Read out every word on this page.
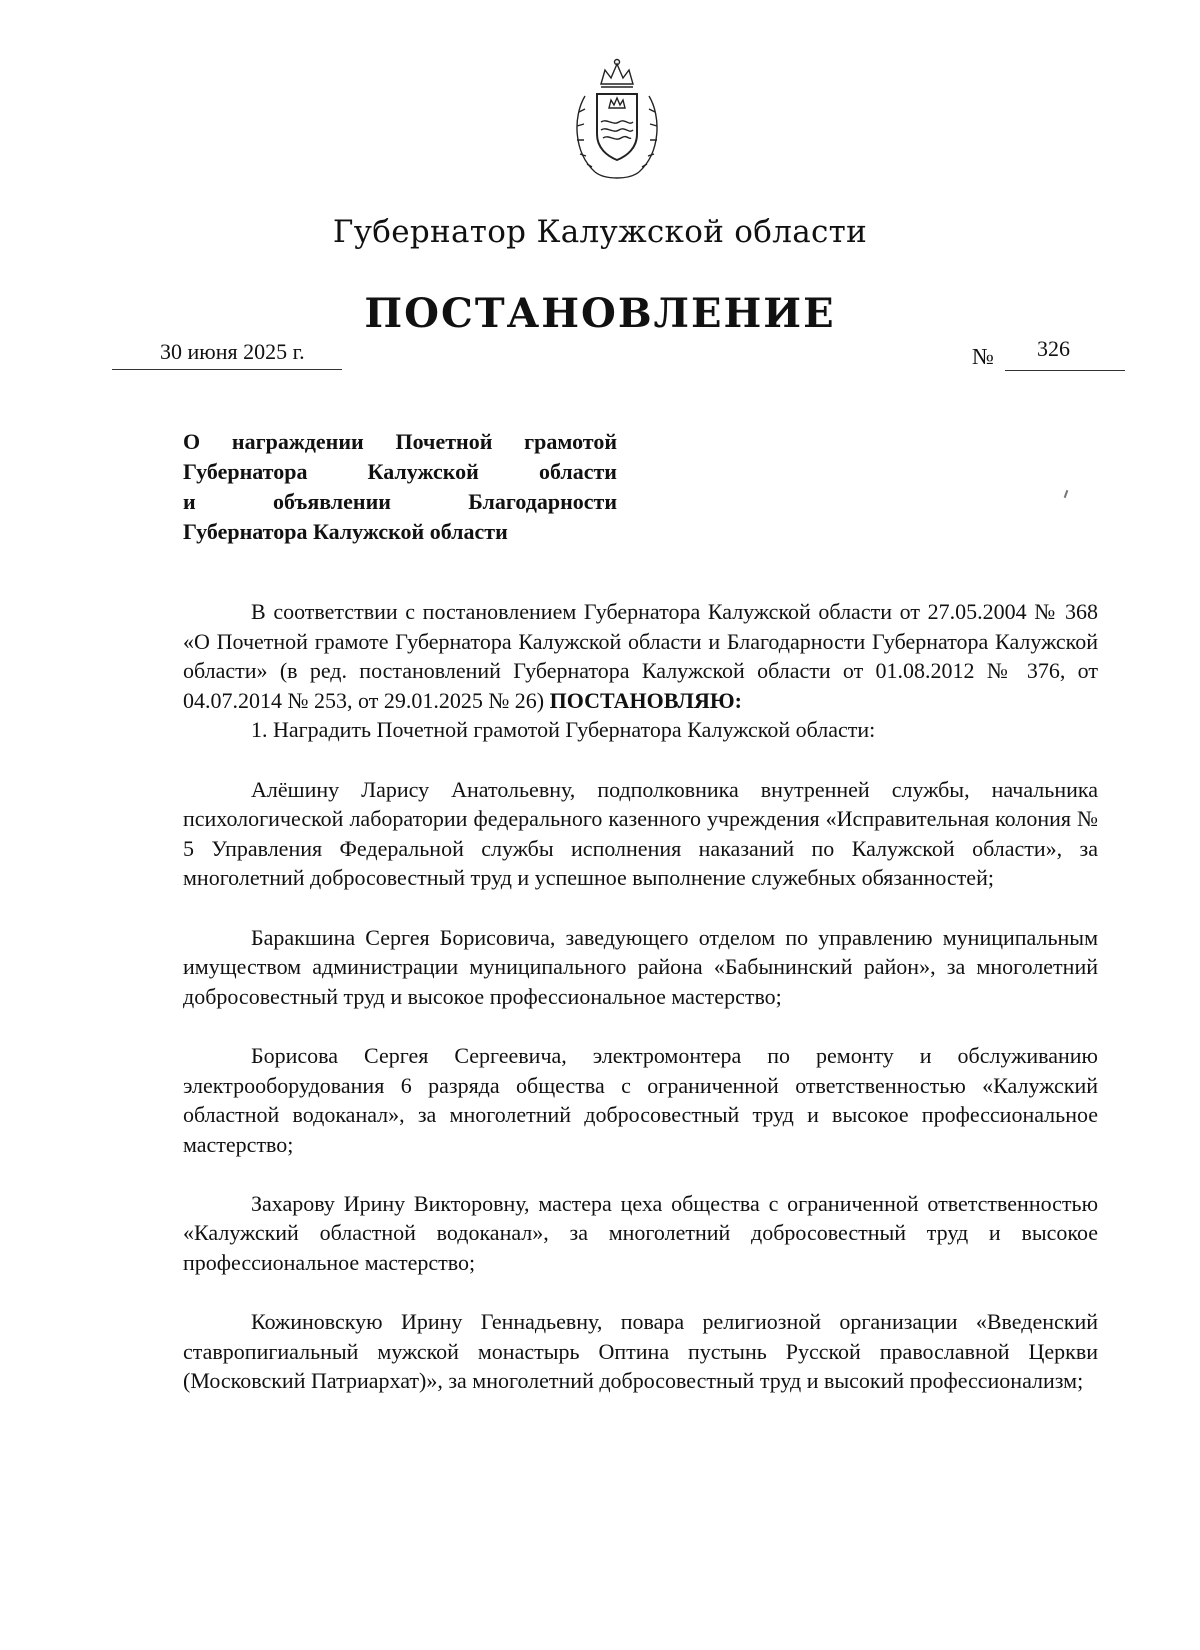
Губернатор Калужской области
ПОСТАНОВЛЕНИЕ
30 июня 2025 г.	№ 326
О награждении Почетной грамотой
Губернатора Калужской области
и объявлении Благодарности
Губернатора Калужской области

В соответствии с постановлением Губернатора Калужской области от 27.05.2004 № 368 «О Почетной грамоте Губернатора Калужской области и Благодарности Губернатора Калужской области» (в ред. постановлений Губернатора Калужской области от 01.08.2012 № 376, от 04.07.2014 № 253, от 29.01.2025 № 26) ПОСТАНОВЛЯЮ:

1. Наградить Почетной грамотой Губернатора Калужской области:

Алёшину Ларису Анатольевну, подполковника внутренней службы, начальника психологической лаборатории федерального казенного учреждения «Исправительная колония № 5 Управления Федеральной службы исполнения наказаний по Калужской области», за многолетний добросовестный труд и успешное выполнение служебных обязанностей;

Баракшина Сергея Борисовича, заведующего отделом по управлению муниципальным имуществом администрации муниципального района «Бабынинский район», за многолетний добросовестный труд и высокое профессиональное мастерство;

Борисова Сергея Сергеевича, электромонтера по ремонту и обслуживанию электрооборудования 6 разряда общества с ограниченной ответственностью «Калужский областной водоканал», за многолетний добросовестный труд и высокое профессиональное мастерство;

Захарову Ирину Викторовну, мастера цеха общества с ограниченной ответственностью «Калужский областной водоканал», за многолетний добросовестный труд и высокое профессиональное мастерство;

Кожиновскую Ирину Геннадьевну, повара религиозной организации «Введенский ставропигиальный мужской монастырь Оптина пустынь Русской православной Церкви (Московский Патриархат)», за многолетний добросовестный труд и высокий профессионализм;
